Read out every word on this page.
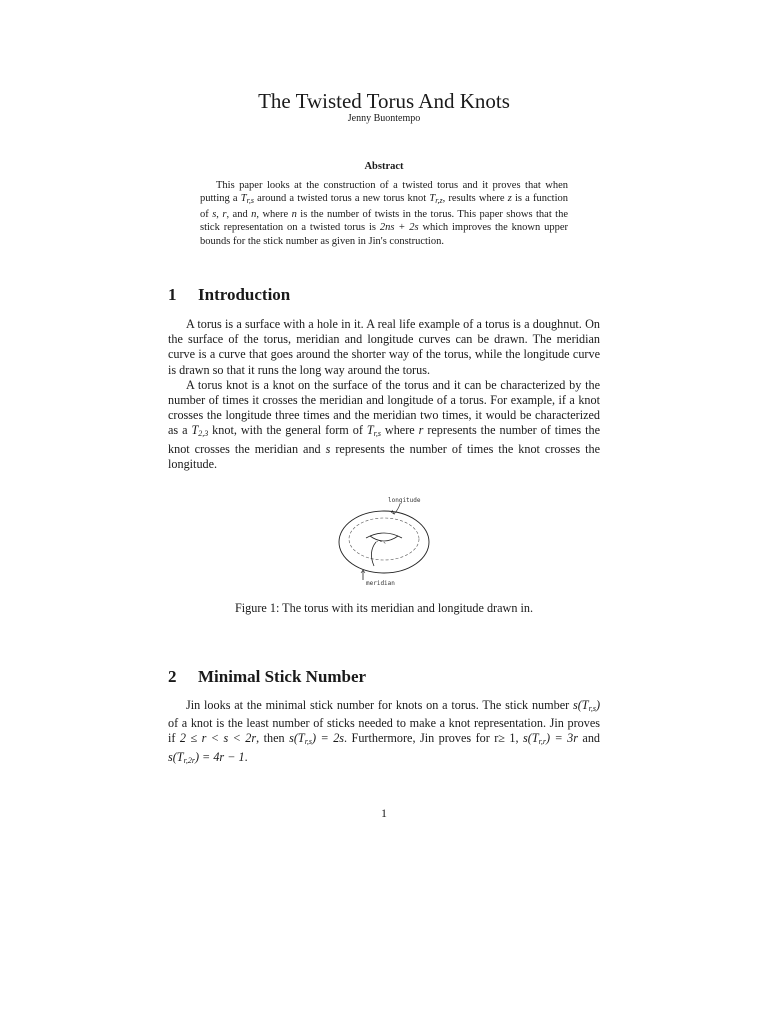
The Twisted Torus And Knots
Jenny Buontempo
Abstract
This paper looks at the construction of a twisted torus and it proves that when putting a $T_{r,s}$ around a twisted torus a new torus knot $T_{r,z}$, results where z is a function of s, r, and n, where n is the number of twists in the torus. This paper shows that the stick representation on a twisted torus is 2ns + 2s which improves the known upper bounds for the stick number as given in Jin's construction.
1 Introduction

A torus is a surface with a hole in it. A real life example of a torus is a doughnut. On the surface of the torus, meridian and longitude curves can be drawn. The meridian curve is a curve that goes around the shorter way of the torus, while the longitude curve is drawn so that it runs the long way around the torus.

A torus knot is a knot on the surface of the torus and it can be characterized by the number of times it crosses the meridian and longitude of a torus. For example, if a knot crosses the longitude three times and the meridian two times, it would be characterized as a $T_{2,3}$ knot, with the general form of $T_{r,s}$ where r represents the number of times the knot crosses the meridian and s represents the number of times the knot crosses the longitude.

longitude
meridian
Figure 1: The torus with its meridian and longitude drawn in.
2 Minimal Stick Number

Jin looks at the minimal stick number for knots on a torus. The stick number $s(T_{r,s})$ of a knot is the least number of sticks needed to make a knot representation. Jin proves if 2 ≤ r < s < 2r, then $s(T_{r,s}) = 2s$. Furthermore, Jin proves for r≥ 1, $s(T_{r,r}) = 3r$ and $s(T_{r,2r}) = 4r - 1$.

1
